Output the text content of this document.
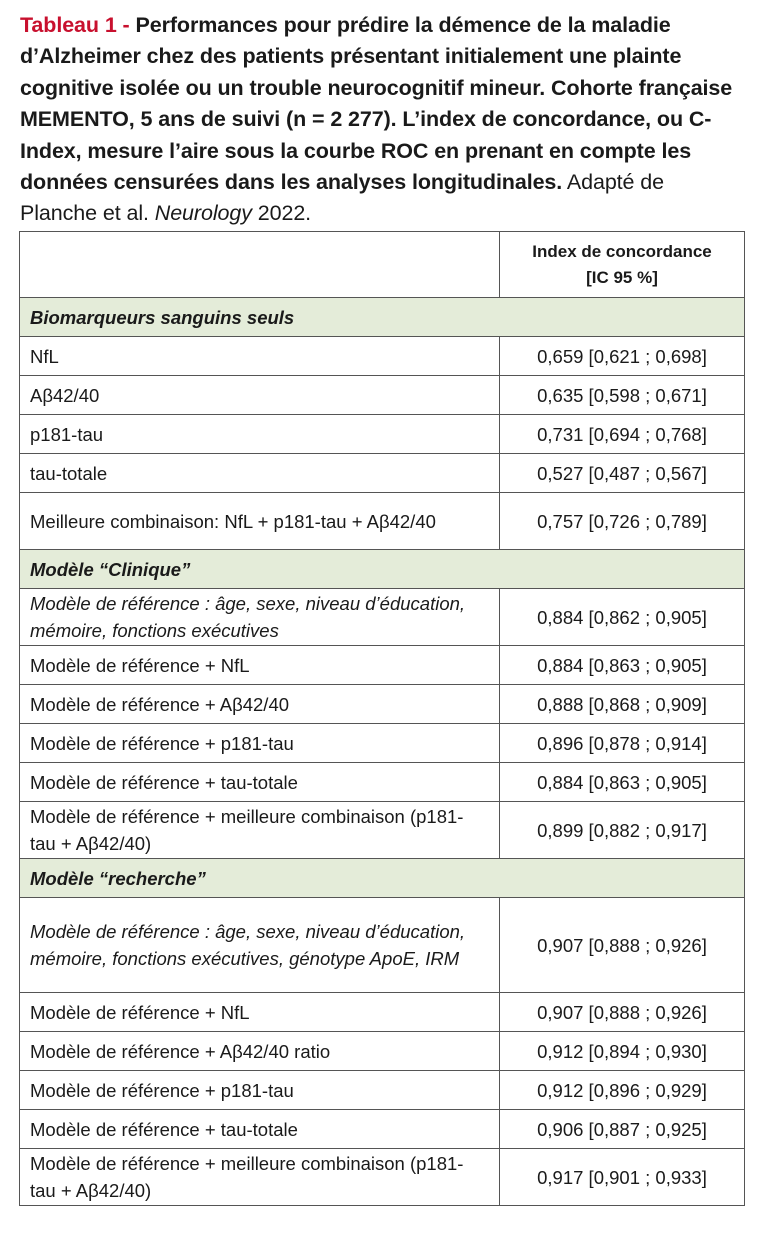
Tableau 1 - Performances pour prédire la démence de la maladie d’Alzheimer chez des patients présentant initialement une plainte cognitive isolée ou un trouble neurocognitif mineur. Cohorte française MEMENTO, 5 ans de suivi (n = 2 277). L’index de concordance, ou C-Index, mesure l’aire sous la courbe ROC en prenant en compte les données censurées dans les analyses longitudinales. Adapté de Planche et al. Neurology 2022.
	Index de concordance
[IC 95 %]
Biomarqueurs sanguins seuls	
NfL	0,659 [0,621 ; 0,698]
Aβ42/40	0,635 [0,598 ; 0,671]
p181-tau	0,731 [0,694 ; 0,768]
tau-totale	0,527 [0,487 ; 0,567]
Meilleure combinaison: NfL + p181-tau + Aβ42/40	0,757 [0,726 ; 0,789]
Modèle “Clinique”	
Modèle de référence : âge, sexe, niveau d’éducation, mémoire, fonctions exécutives	0,884 [0,862 ; 0,905]
Modèle de référence + NfL	0,884 [0,863 ; 0,905]
Modèle de référence + Aβ42/40	0,888 [0,868 ; 0,909]
Modèle de référence + p181-tau	0,896 [0,878 ; 0,914]
Modèle de référence + tau-totale	0,884 [0,863 ; 0,905]
Modèle de référence + meilleure combinaison (p181-tau + Aβ42/40)	0,899 [0,882 ; 0,917]
Modèle “recherche”	
Modèle de référence : âge, sexe, niveau d’éducation, mémoire, fonctions exécutives, génotype ApoE, IRM	0,907 [0,888 ; 0,926]
Modèle de référence + NfL	0,907 [0,888 ; 0,926]
Modèle de référence + Aβ42/40 ratio	0,912 [0,894 ; 0,930]
Modèle de référence + p181-tau	0,912 [0,896 ; 0,929]
Modèle de référence + tau-totale	0,906 [0,887 ; 0,925]
Modèle de référence + meilleure combinaison (p181-tau + Aβ42/40)	0,917 [0,901 ; 0,933]
